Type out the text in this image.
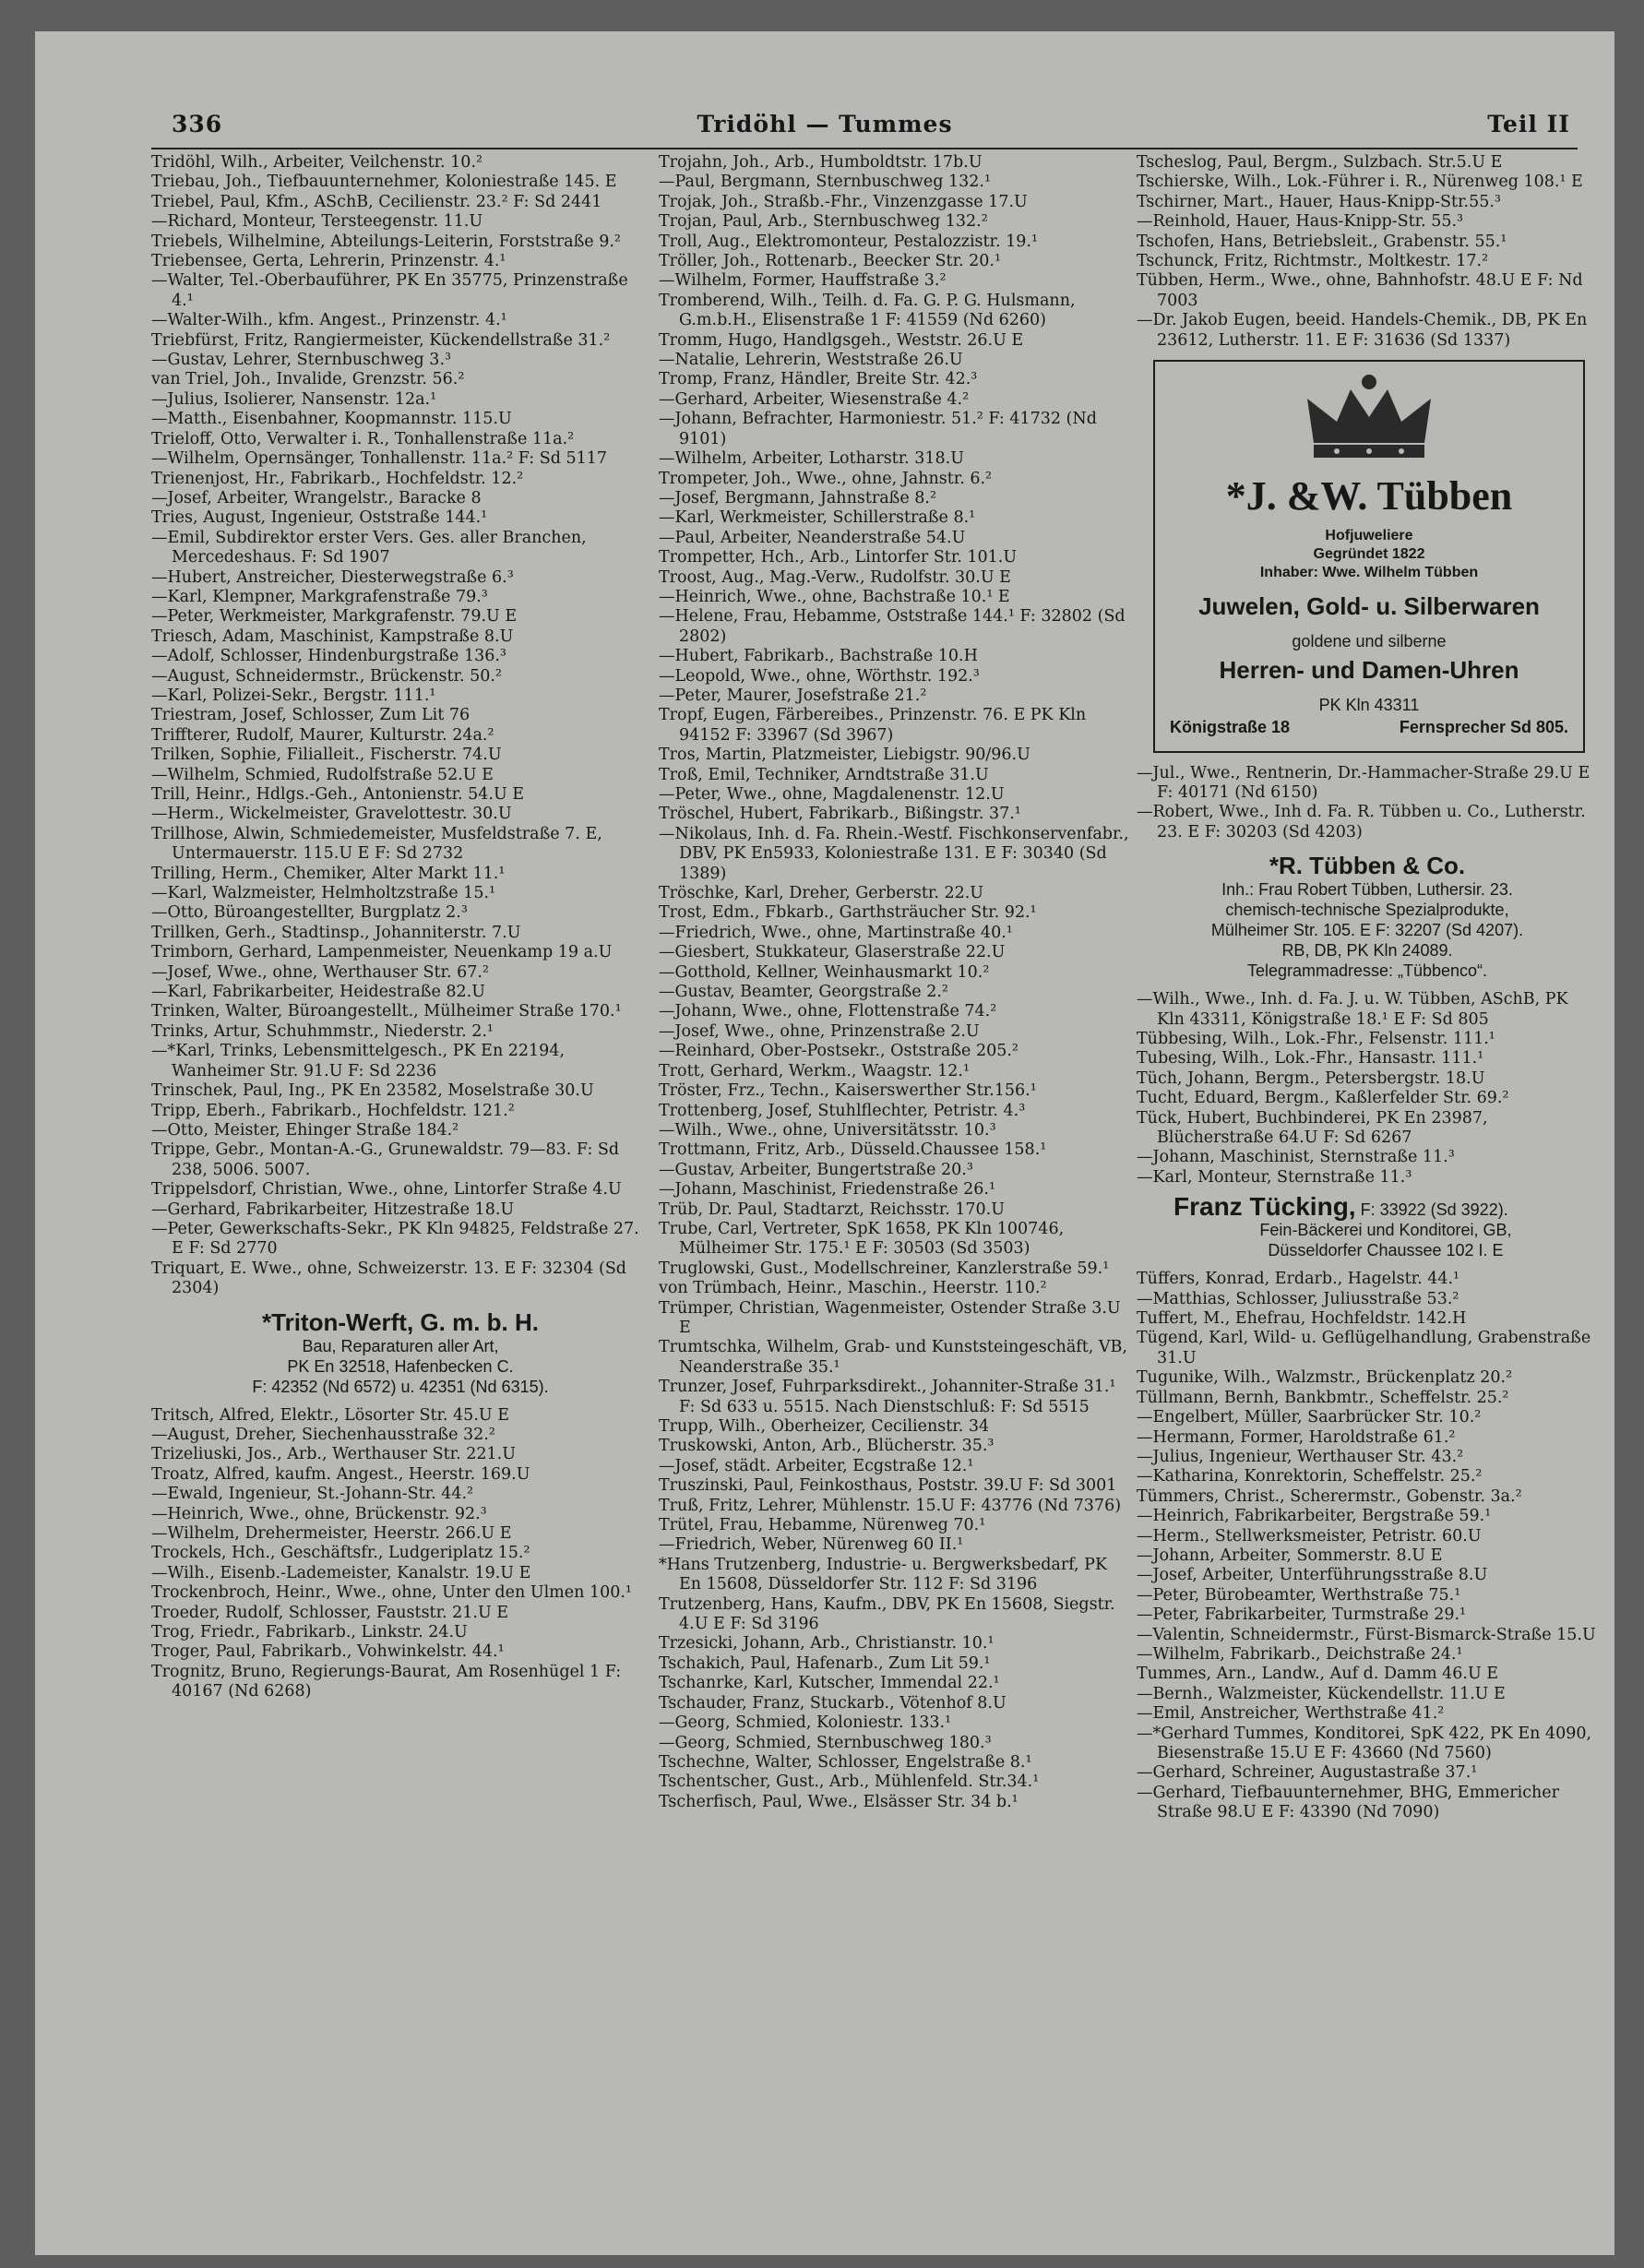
336	Tridöhl — Tummes	Teil II
Tridöhl, Wilh., Arbeiter, Veilchenstr. 10.²
Triebau, Joh., Tiefbauunternehmer, Koloniestraße 145. E
Triebel, Paul, Kfm., ASchB, Cecilienstr. 23.² F: Sd 2441
—Richard, Monteur, Tersteegenstr. 11.U
Triebels, Wilhelmine, Abteilungs-Leiterin, Forststraße 9.²
Triebensee, Gerta, Lehrerin, Prinzenstr. 4.¹
—Walter, Tel.-Oberbauführer, PK En 35775, Prinzenstraße 4.¹
—Walter-Wilh., kfm. Angest., Prinzenstr. 4.¹
Triebfürst, Fritz, Rangiermeister, Kückendellstraße 31.²
—Gustav, Lehrer, Sternbuschweg 3.³
van Triel, Joh., Invalide, Grenzstr. 56.²
—Julius, Isolierer, Nansenstr. 12a.¹
—Matth., Eisenbahner, Koopmannstr. 115.U
Trieloff, Otto, Verwalter i. R., Tonhallenstraße 11a.²
—Wilhelm, Opernsänger, Tonhallenstr. 11a.² F: Sd 5117
Trienenjost, Hr., Fabrikarb., Hochfeldstr. 12.²
—Josef, Arbeiter, Wrangelstr., Baracke 8
Tries, August, Ingenieur, Oststraße 144.¹
—Emil, Subdirektor erster Vers. Ges. aller Branchen, Mercedeshaus. F: Sd 1907
—Hubert, Anstreicher, Diesterwegstraße 6.³
—Karl, Klempner, Markgrafenstraße 79.³
—Peter, Werkmeister, Markgrafenstr. 79.U E
Triesch, Adam, Maschinist, Kampstraße 8.U
—Adolf, Schlosser, Hindenburgstraße 136.³
—August, Schneidermstr., Brückenstr. 50.²
—Karl, Polizei-Sekr., Bergstr. 111.¹
Triestram, Josef, Schlosser, Zum Lit 76
Triffterer, Rudolf, Maurer, Kulturstr. 24a.²
Trilken, Sophie, Filialleit., Fischerstr. 74.U
—Wilhelm, Schmied, Rudolfstraße 52.U E
Trill, Heinr., Hdlgs.-Geh., Antonienstr. 54.U E
—Herm., Wickelmeister, Gravelottestr. 30.U
Trillhose, Alwin, Schmiedemeister, Musfeldstraße 7. E, Untermauerstr. 115.U E F: Sd 2732
Trilling, Herm., Chemiker, Alter Markt 11.¹
—Karl, Walzmeister, Helmholtzstraße 15.¹
—Otto, Büroangestellter, Burgplatz 2.³
Trillken, Gerh., Stadtinsp., Johanniterstr. 7.U
Trimborn, Gerhard, Lampenmeister, Neuenkamp 19 a.U
—Josef, Wwe., ohne, Werthauser Str. 67.²
—Karl, Fabrikarbeiter, Heidestraße 82.U
Trinken, Walter, Büroangestellt., Mülheimer Straße 170.¹
Trinks, Artur, Schuhmmstr., Niederstr. 2.¹
—*Karl, Trinks, Lebensmittelgesch., PK En 22194, Wanheimer Str. 91.U F: Sd 2236
Trinschek, Paul, Ing., PK En 23582, Moselstraße 30.U
Tripp, Eberh., Fabrikarb., Hochfeldstr. 121.²
—Otto, Meister, Ehinger Straße 184.²
Trippe, Gebr., Montan-A.-G., Grunewaldstr. 79—83. F: Sd 238, 5006. 5007.
Trippelsdorf, Christian, Wwe., ohne, Lintorfer Straße 4.U
—Gerhard, Fabrikarbeiter, Hitzestraße 18.U
—Peter, Gewerkschafts-Sekr., PK Kln 94825, Feldstraße 27. E F: Sd 2770
Triquart, E. Wwe., ohne, Schweizerstr. 13. E F: 32304 (Sd 2304)
*Triton-Werft, G. m. b. H.
Bau, Reparaturen aller Art,
PK En 32518, Hafenbecken C.
F: 42352 (Nd 6572) u. 42351 (Nd 6315).
Tritsch, Alfred, Elektr., Lösorter Str. 45.U E
—August, Dreher, Siechenhausstraße 32.²
Trizeliuski, Jos., Arb., Werthauser Str. 221.U
Troatz, Alfred, kaufm. Angest., Heerstr. 169.U
—Ewald, Ingenieur, St.-Johann-Str. 44.²
—Heinrich, Wwe., ohne, Brückenstr. 92.³
—Wilhelm, Drehermeister, Heerstr. 266.U E
Trockels, Hch., Geschäftsfr., Ludgeriplatz 15.²
—Wilh., Eisenb.-Lademeister, Kanalstr. 19.U E
Trockenbroch, Heinr., Wwe., ohne, Unter den Ulmen 100.¹
Troeder, Rudolf, Schlosser, Fauststr. 21.U E
Trog, Friedr., Fabrikarb., Linkstr. 24.U
Troger, Paul, Fabrikarb., Vohwinkelstr. 44.¹
Trognitz, Bruno, Regierungs-Baurat, Am Rosenhügel 1 F: 40167 (Nd 6268)
Trojahn, Joh., Arb., Humboldtstr. 17b.U
—Paul, Bergmann, Sternbuschweg 132.¹
Trojak, Joh., Straßb.-Fhr., Vinzenzgasse 17.U
Trojan, Paul, Arb., Sternbuschweg 132.²
Troll, Aug., Elektromonteur, Pestalozzistr. 19.¹
Tröller, Joh., Rottenarb., Beecker Str. 20.¹
—Wilhelm, Former, Hauffstraße 3.²
Tromberend, Wilh., Teilh. d. Fa. G. P. G. Hulsmann, G.m.b.H., Elisenstraße 1 F: 41559 (Nd 6260)
Tromm, Hugo, Handlgsgeh., Weststr. 26.U E
—Natalie, Lehrerin, Weststraße 26.U
Tromp, Franz, Händler, Breite Str. 42.³
—Gerhard, Arbeiter, Wiesenstraße 4.²
—Johann, Befrachter, Harmoniestr. 51.² F: 41732 (Nd 9101)
—Wilhelm, Arbeiter, Lotharstr. 318.U
Trompeter, Joh., Wwe., ohne, Jahnstr. 6.²
—Josef, Bergmann, Jahnstraße 8.²
—Karl, Werkmeister, Schillerstraße 8.¹
—Paul, Arbeiter, Neanderstraße 54.U
Trompetter, Hch., Arb., Lintorfer Str. 101.U
Troost, Aug., Mag.-Verw., Rudolfstr. 30.U E
—Heinrich, Wwe., ohne, Bachstraße 10.¹ E
—Helene, Frau, Hebamme, Oststraße 144.¹ F: 32802 (Sd 2802)
—Hubert, Fabrikarb., Bachstraße 10.H
—Leopold, Wwe., ohne, Wörthstr. 192.³
—Peter, Maurer, Josefstraße 21.²
Tropf, Eugen, Färbereibes., Prinzenstr. 76. E PK Kln 94152 F: 33967 (Sd 3967)
Tros, Martin, Platzmeister, Liebigstr. 90/96.U
Troß, Emil, Techniker, Arndtstraße 31.U
—Peter, Wwe., ohne, Magdalenenstr. 12.U
Tröschel, Hubert, Fabrikarb., Bißingstr. 37.¹
—Nikolaus, Inh. d. Fa. Rhein.-Westf. Fischkonservenfabr., DBV, PK En5933, Koloniestraße 131. E F: 30340 (Sd 1389)
Tröschke, Karl, Dreher, Gerberstr. 22.U
Trost, Edm., Fbkarb., Garthsträucher Str. 92.¹
—Friedrich, Wwe., ohne, Martinstraße 40.¹
—Giesbert, Stukkateur, Glaserstraße 22.U
—Gotthold, Kellner, Weinhausmarkt 10.²
—Gustav, Beamter, Georgstraße 2.²
—Johann, Wwe., ohne, Flottenstraße 74.²
—Josef, Wwe., ohne, Prinzenstraße 2.U
—Reinhard, Ober-Postsekr., Oststraße 205.²
Trott, Gerhard, Werkm., Waagstr. 12.¹
Tröster, Frz., Techn., Kaiserswerther Str.156.¹
Trottenberg, Josef, Stuhlflechter, Petristr. 4.³
—Wilh., Wwe., ohne, Universitätsstr. 10.³
Trottmann, Fritz, Arb., Düsseld.Chaussee 158.¹
—Gustav, Arbeiter, Bungertstraße 20.³
—Johann, Maschinist, Friedenstraße 26.¹
Trüb, Dr. Paul, Stadtarzt, Reichsstr. 170.U
Trube, Carl, Vertreter, SpK 1658, PK Kln 100746, Mülheimer Str. 175.¹ E F: 30503 (Sd 3503)
Truglowski, Gust., Modellschreiner, Kanzlerstraße 59.¹
von Trümbach, Heinr., Maschin., Heerstr. 110.²
Trümper, Christian, Wagenmeister, Ostender Straße 3.U E
Trumtschka, Wilhelm, Grab- und Kunststeingeschäft, VB, Neanderstraße 35.¹
Trunzer, Josef, Fuhrparksdirekt., Johanniter-Straße 31.¹ F: Sd 633 u. 5515. Nach Dienstschluß: F: Sd 5515
Trupp, Wilh., Oberheizer, Cecilienstr. 34
Truskowski, Anton, Arb., Blücherstr. 35.³
—Josef, städt. Arbeiter, Ecgstraße 12.¹
Truszinski, Paul, Feinkosthaus, Poststr. 39.U F: Sd 3001
Truß, Fritz, Lehrer, Mühlenstr. 15.U F: 43776 (Nd 7376)
Trütel, Frau, Hebamme, Nürenweg 70.¹
—Friedrich, Weber, Nürenweg 60 II.¹
*Hans Trutzenberg, Industrie- u. Bergwerksbedarf, PK En 15608, Düsseldorfer Str. 112 F: Sd 3196
Trutzenberg, Hans, Kaufm., DBV, PK En 15608, Siegstr. 4.U E F: Sd 3196
Trzesicki, Johann, Arb., Christianstr. 10.¹
Tschakich, Paul, Hafenarb., Zum Lit 59.¹
Tschanrke, Karl, Kutscher, Immendal 22.¹
Tschauder, Franz, Stuckarb., Vötenhof 8.U
—Georg, Schmied, Koloniestr. 133.¹
—Georg, Schmied, Sternbuschweg 180.³
Tschechne, Walter, Schlosser, Engelstraße 8.¹
Tschentscher, Gust., Arb., Mühlenfeld. Str.34.¹
Tscherfisch, Paul, Wwe., Elsässer Str. 34 b.¹
Tscheslog, Paul, Bergm., Sulzbach. Str.5.U E
Tschierske, Wilh., Lok.-Führer i. R., Nürenweg 108.¹ E
Tschirner, Mart., Hauer, Haus-Knipp-Str.55.³
—Reinhold, Hauer, Haus-Knipp-Str. 55.³
Tschofen, Hans, Betriebsleit., Grabenstr. 55.¹
Tschunck, Fritz, Richtmstr., Moltkestr. 17.²
Tübben, Herm., Wwe., ohne, Bahnhofstr. 48.U E F: Nd 7003
—Dr. Jakob Eugen, beeid. Handels-Chemik., DB, PK En 23612, Lutherstr. 11. E F: 31636 (Sd 1337)
*J. &W. Tübben
Hofjuweliere
Gegründet 1822
Inhaber: Wwe. Wilhelm Tübben
Juwelen, Gold- u. Silberwaren
goldene und silberne
Herren- und Damen-Uhren
PK Kln 43311
Königstraße 18	Fernsprecher Sd 805.
—Jul., Wwe., Rentnerin, Dr.-Hammacher-Straße 29.U E F: 40171 (Nd 6150)
—Robert, Wwe., Inh d. Fa. R. Tübben u. Co., Lutherstr. 23. E F: 30203 (Sd 4203)
*R. Tübben & Co.
Inh.: Frau Robert Tübben, Luthersir. 23.
chemisch-technische Spezialprodukte,
Mülheimer Str. 105. E F: 32207 (Sd 4207).
RB, DB, PK Kln 24089.
Telegrammadresse: „Tübbenco“.
—Wilh., Wwe., Inh. d. Fa. J. u. W. Tübben, ASchB, PK Kln 43311, Königstraße 18.¹ E F: Sd 805
Tübbesing, Wilh., Lok.-Fhr., Felsenstr. 111.¹
Tubesing, Wilh., Lok.-Fhr., Hansastr. 111.¹
Tüch, Johann, Bergm., Petersbergstr. 18.U
Tucht, Eduard, Bergm., Kaßlerfelder Str. 69.²
Tück, Hubert, Buchbinderei, PK En 23987, Blücherstraße 64.U F: Sd 6267
—Johann, Maschinist, Sternstraße 11.³
—Karl, Monteur, Sternstraße 11.³
Franz Tücking, F: 33922 (Sd 3922).
Fein-Bäckerei und Konditorei, GB,
Düsseldorfer Chaussee 102 I. E
Tüffers, Konrad, Erdarb., Hagelstr. 44.¹
—Matthias, Schlosser, Juliusstraße 53.²
Tuffert, M., Ehefrau, Hochfeldstr. 142.H
Tügend, Karl, Wild- u. Geflügelhandlung, Grabenstraße 31.U
Tugunike, Wilh., Walzmstr., Brückenplatz 20.²
Tüllmann, Bernh, Bankbmtr., Scheffelstr. 25.²
—Engelbert, Müller, Saarbrücker Str. 10.²
—Hermann, Former, Haroldstraße 61.²
—Julius, Ingenieur, Werthauser Str. 43.²
—Katharina, Konrektorin, Scheffelstr. 25.²
Tümmers, Christ., Scherermstr., Gobenstr. 3a.²
—Heinrich, Fabrikarbeiter, Bergstraße 59.¹
—Herm., Stellwerksmeister, Petristr. 60.U
—Johann, Arbeiter, Sommerstr. 8.U E
—Josef, Arbeiter, Unterführungsstraße 8.U
—Peter, Bürobeamter, Werthstraße 75.¹
—Peter, Fabrikarbeiter, Turmstraße 29.¹
—Valentin, Schneidermstr., Fürst-Bismarck-Straße 15.U
—Wilhelm, Fabrikarb., Deichstraße 24.¹
Tummes, Arn., Landw., Auf d. Damm 46.U E
—Bernh., Walzmeister, Kückendellstr. 11.U E
—Emil, Anstreicher, Werthstraße 41.²
—*Gerhard Tummes, Konditorei, SpK 422, PK En 4090, Biesenstraße 15.U E F: 43660 (Nd 7560)
—Gerhard, Schreiner, Augustastraße 37.¹
—Gerhard, Tiefbauunternehmer, BHG, Emmericher Straße 98.U E F: 43390 (Nd 7090)
